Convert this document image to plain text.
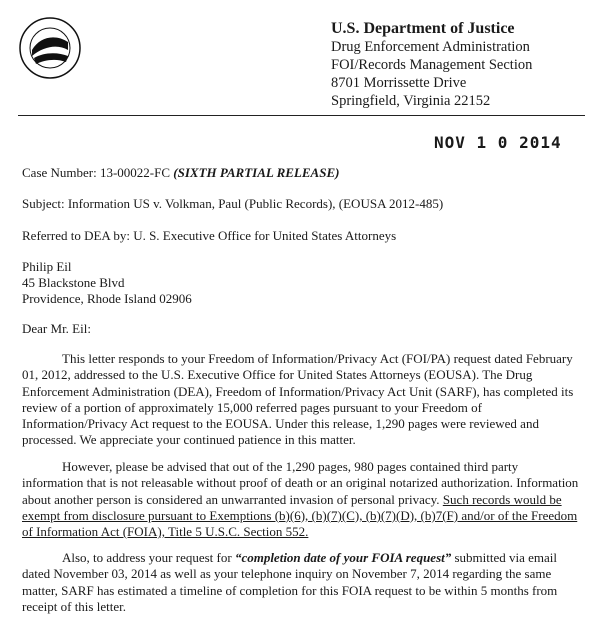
U.S. Department of Justice
Drug Enforcement Administration
FOI/Records Management Section
8701 Morrissette Drive
Springfield, Virginia 22152
NOV 1 0 2014
Case Number: 13-00022-FC (SIXTH PARTIAL RELEASE)
Subject: Information US v. Volkman, Paul (Public Records), (EOUSA 2012-485)
Referred to DEA by: U. S. Executive Office for United States Attorneys
Philip Eil
45 Blackstone Blvd
Providence, Rhode Island 02906
Dear Mr. Eil:

This letter responds to your Freedom of Information/Privacy Act (FOI/PA) request dated February 01, 2012, addressed to the U.S. Executive Office for United States Attorneys (EOUSA). The Drug Enforcement Administration (DEA), Freedom of Information/Privacy Act Unit (SARF), has completed its review of a portion of approximately 15,000 referred pages pursuant to your Freedom of Information/Privacy Act request to the EOUSA. Under this release, 1,290 pages were reviewed and processed. We appreciate your continued patience in this matter.

However, please be advised that out of the 1,290 pages, 980 pages contained third party information that is not releasable without proof of death or an original notarized authorization. Information about another person is considered an unwarranted invasion of personal privacy. Such records would be exempt from disclosure pursuant to Exemptions (b)(6), (b)(7)(C), (b)(7)(D), (b)7(F) and/or of the Freedom of Information Act (FOIA), Title 5 U.S.C. Section 552.

Also, to address your request for “completion date of your FOIA request” submitted via email dated November 03, 2014 as well as your telephone inquiry on November 7, 2014 regarding the same matter, SARF has estimated a timeline of completion for this FOIA request to be within 5 months from receipt of this letter.
